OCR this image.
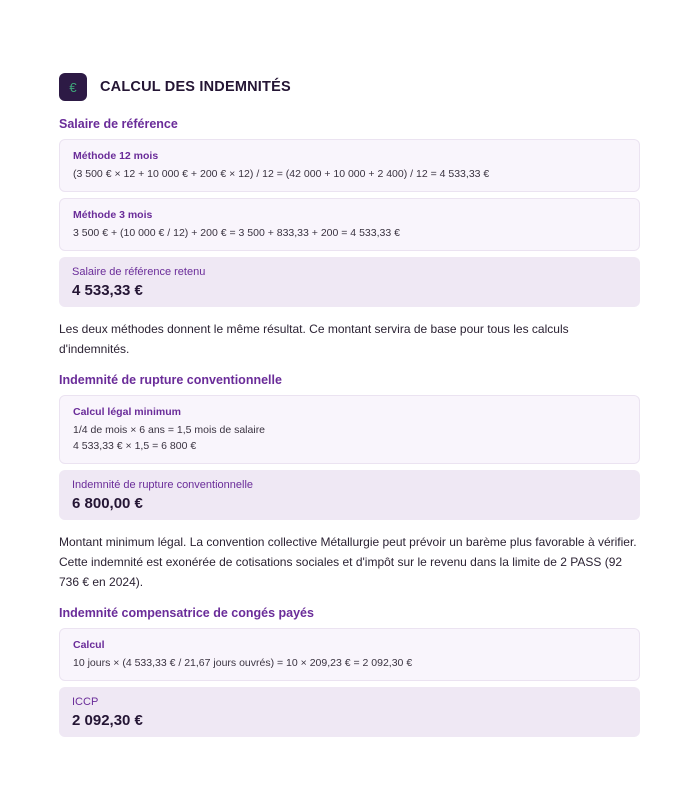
€	CALCUL DES INDEMNITÉS
Salaire de référence
Méthode 12 mois
(3 500 € × 12 + 10 000 € + 200 € × 12) / 12 = (42 000 + 10 000 + 2 400) / 12 = 4 533,33 €
Méthode 3 mois
3 500 € + (10 000 € / 12) + 200 € = 3 500 + 833,33 + 200 = 4 533,33 €
Salaire de référence retenu
4 533,33 €

Les deux méthodes donnent le même résultat. Ce montant servira de base pour tous les calculs d'indemnités.

Indemnité de rupture conventionnelle
Calcul légal minimum
1/4 de mois × 6 ans = 1,5 mois de salaire
4 533,33 € × 1,5 = 6 800 €
Indemnité de rupture conventionnelle
6 800,00 €

Montant minimum légal. La convention collective Métallurgie peut prévoir un barème plus favorable à vérifier. Cette indemnité est exonérée de cotisations sociales et d'impôt sur le revenu dans la limite de 2 PASS (92 736 € en 2024).

Indemnité compensatrice de congés payés
Calcul
10 jours × (4 533,33 € / 21,67 jours ouvrés) = 10 × 209,23 € = 2 092,30 €
ICCP
2 092,30 €
